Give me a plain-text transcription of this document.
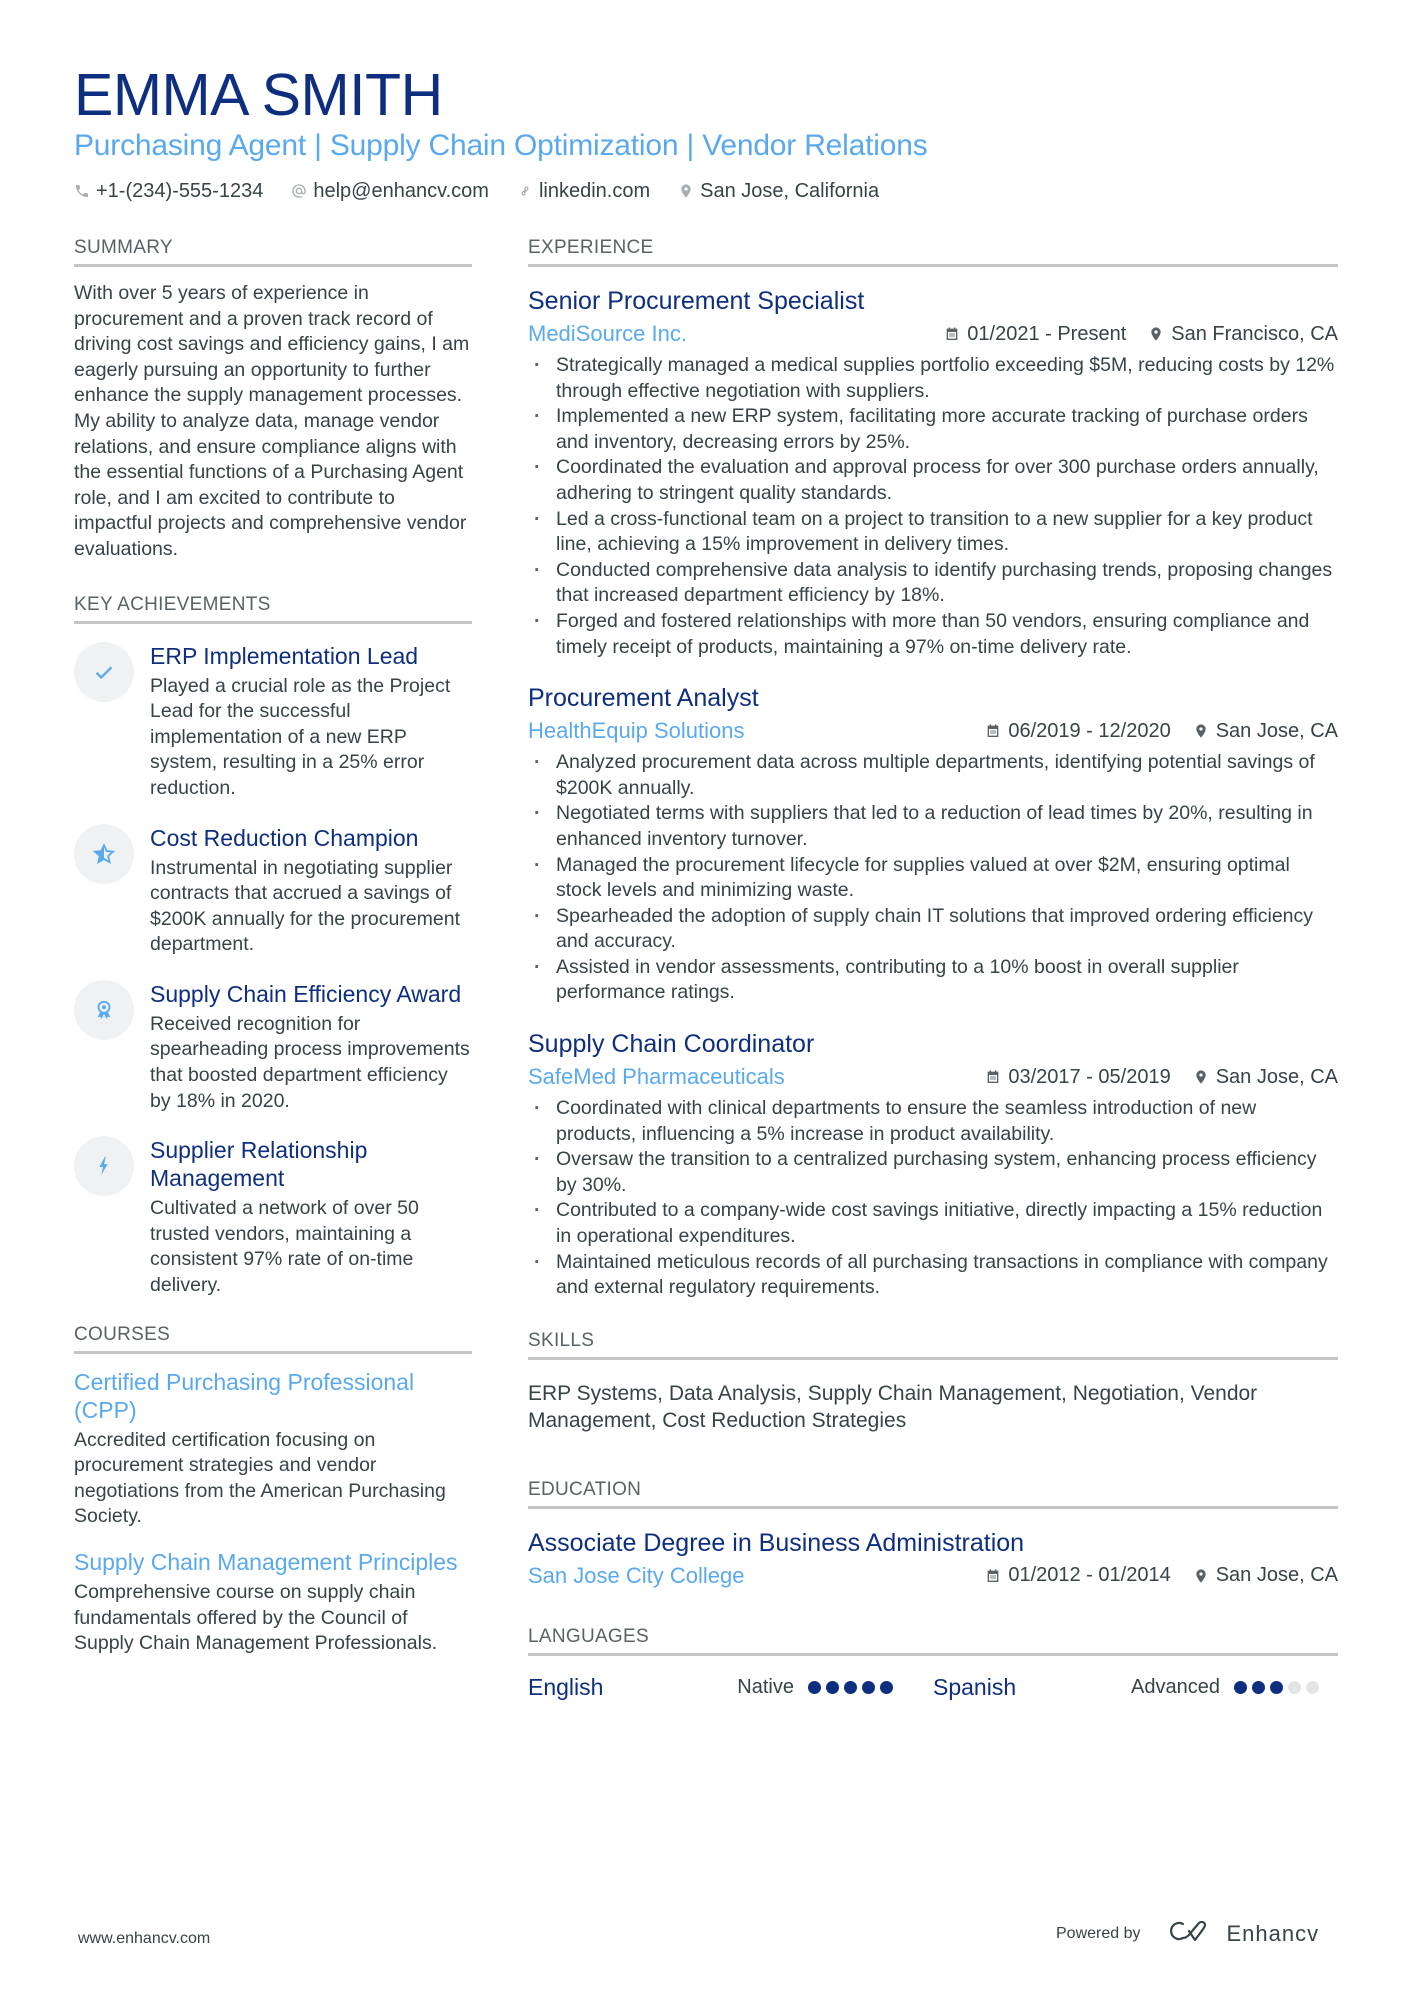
EMMA SMITH
Purchasing Agent | Supply Chain Optimization | Vendor Relations
+1-(234)-555-1234	help@enhancv.com	linkedin.com	San Jose, California
SUMMARY
With over 5 years of experience in procurement and a proven track record of driving cost savings and efficiency gains, I am eagerly pursuing an opportunity to further enhance the supply management processes. My ability to analyze data, manage vendor relations, and ensure compliance aligns with the essential functions of a Purchasing Agent role, and I am excited to contribute to impactful projects and comprehensive vendor evaluations.
KEY ACHIEVEMENTS
ERP Implementation Lead
Played a crucial role as the Project Lead for the successful implementation of a new ERP system, resulting in a 25% error reduction.
Cost Reduction Champion
Instrumental in negotiating supplier contracts that accrued a savings of $200K annually for the procurement department.
Supply Chain Efficiency Award
Received recognition for spearheading process improvements that boosted department efficiency by 18% in 2020.
Supplier Relationship Management
Cultivated a network of over 50 trusted vendors, maintaining a consistent 97% rate of on-time delivery.
COURSES
Certified Purchasing Professional (CPP)
Accredited certification focusing on procurement strategies and vendor negotiations from the American Purchasing Society.
Supply Chain Management Principles
Comprehensive course on supply chain fundamentals offered by the Council of Supply Chain Management Professionals.
EXPERIENCE
Senior Procurement Specialist
MediSource Inc.	01/2021 - Present San Francisco, CA
· Strategically managed a medical supplies portfolio exceeding $5M, reducing costs by 12% through effective negotiation with suppliers.
· Implemented a new ERP system, facilitating more accurate tracking of purchase orders and inventory, decreasing errors by 25%.
· Coordinated the evaluation and approval process for over 300 purchase orders annually, adhering to stringent quality standards.
· Led a cross-functional team on a project to transition to a new supplier for a key product line, achieving a 15% improvement in delivery times.
· Conducted comprehensive data analysis to identify purchasing trends, proposing changes that increased department efficiency by 18%.
· Forged and fostered relationships with more than 50 vendors, ensuring compliance and timely receipt of products, maintaining a 97% on-time delivery rate.
Procurement Analyst
HealthEquip Solutions	06/2019 - 12/2020 San Jose, CA
· Analyzed procurement data across multiple departments, identifying potential savings of $200K annually.
· Negotiated terms with suppliers that led to a reduction of lead times by 20%, resulting in enhanced inventory turnover.
· Managed the procurement lifecycle for supplies valued at over $2M, ensuring optimal stock levels and minimizing waste.
· Spearheaded the adoption of supply chain IT solutions that improved ordering efficiency and accuracy.
· Assisted in vendor assessments, contributing to a 10% boost in overall supplier performance ratings.
Supply Chain Coordinator
SafeMed Pharmaceuticals	03/2017 - 05/2019 San Jose, CA
· Coordinated with clinical departments to ensure the seamless introduction of new products, influencing a 5% increase in product availability.
· Oversaw the transition to a centralized purchasing system, enhancing process efficiency by 30%.
· Contributed to a company-wide cost savings initiative, directly impacting a 15% reduction in operational expenditures.
· Maintained meticulous records of all purchasing transactions in compliance with company and external regulatory requirements.
SKILLS
ERP Systems, Data Analysis, Supply Chain Management, Negotiation, Vendor Management, Cost Reduction Strategies
EDUCATION
Associate Degree in Business Administration
San Jose City College	01/2012 - 01/2014 San Jose, CA
LANGUAGES
English	Native	Spanish	Advanced
www.enhancv.com	Powered by	Enhancv
